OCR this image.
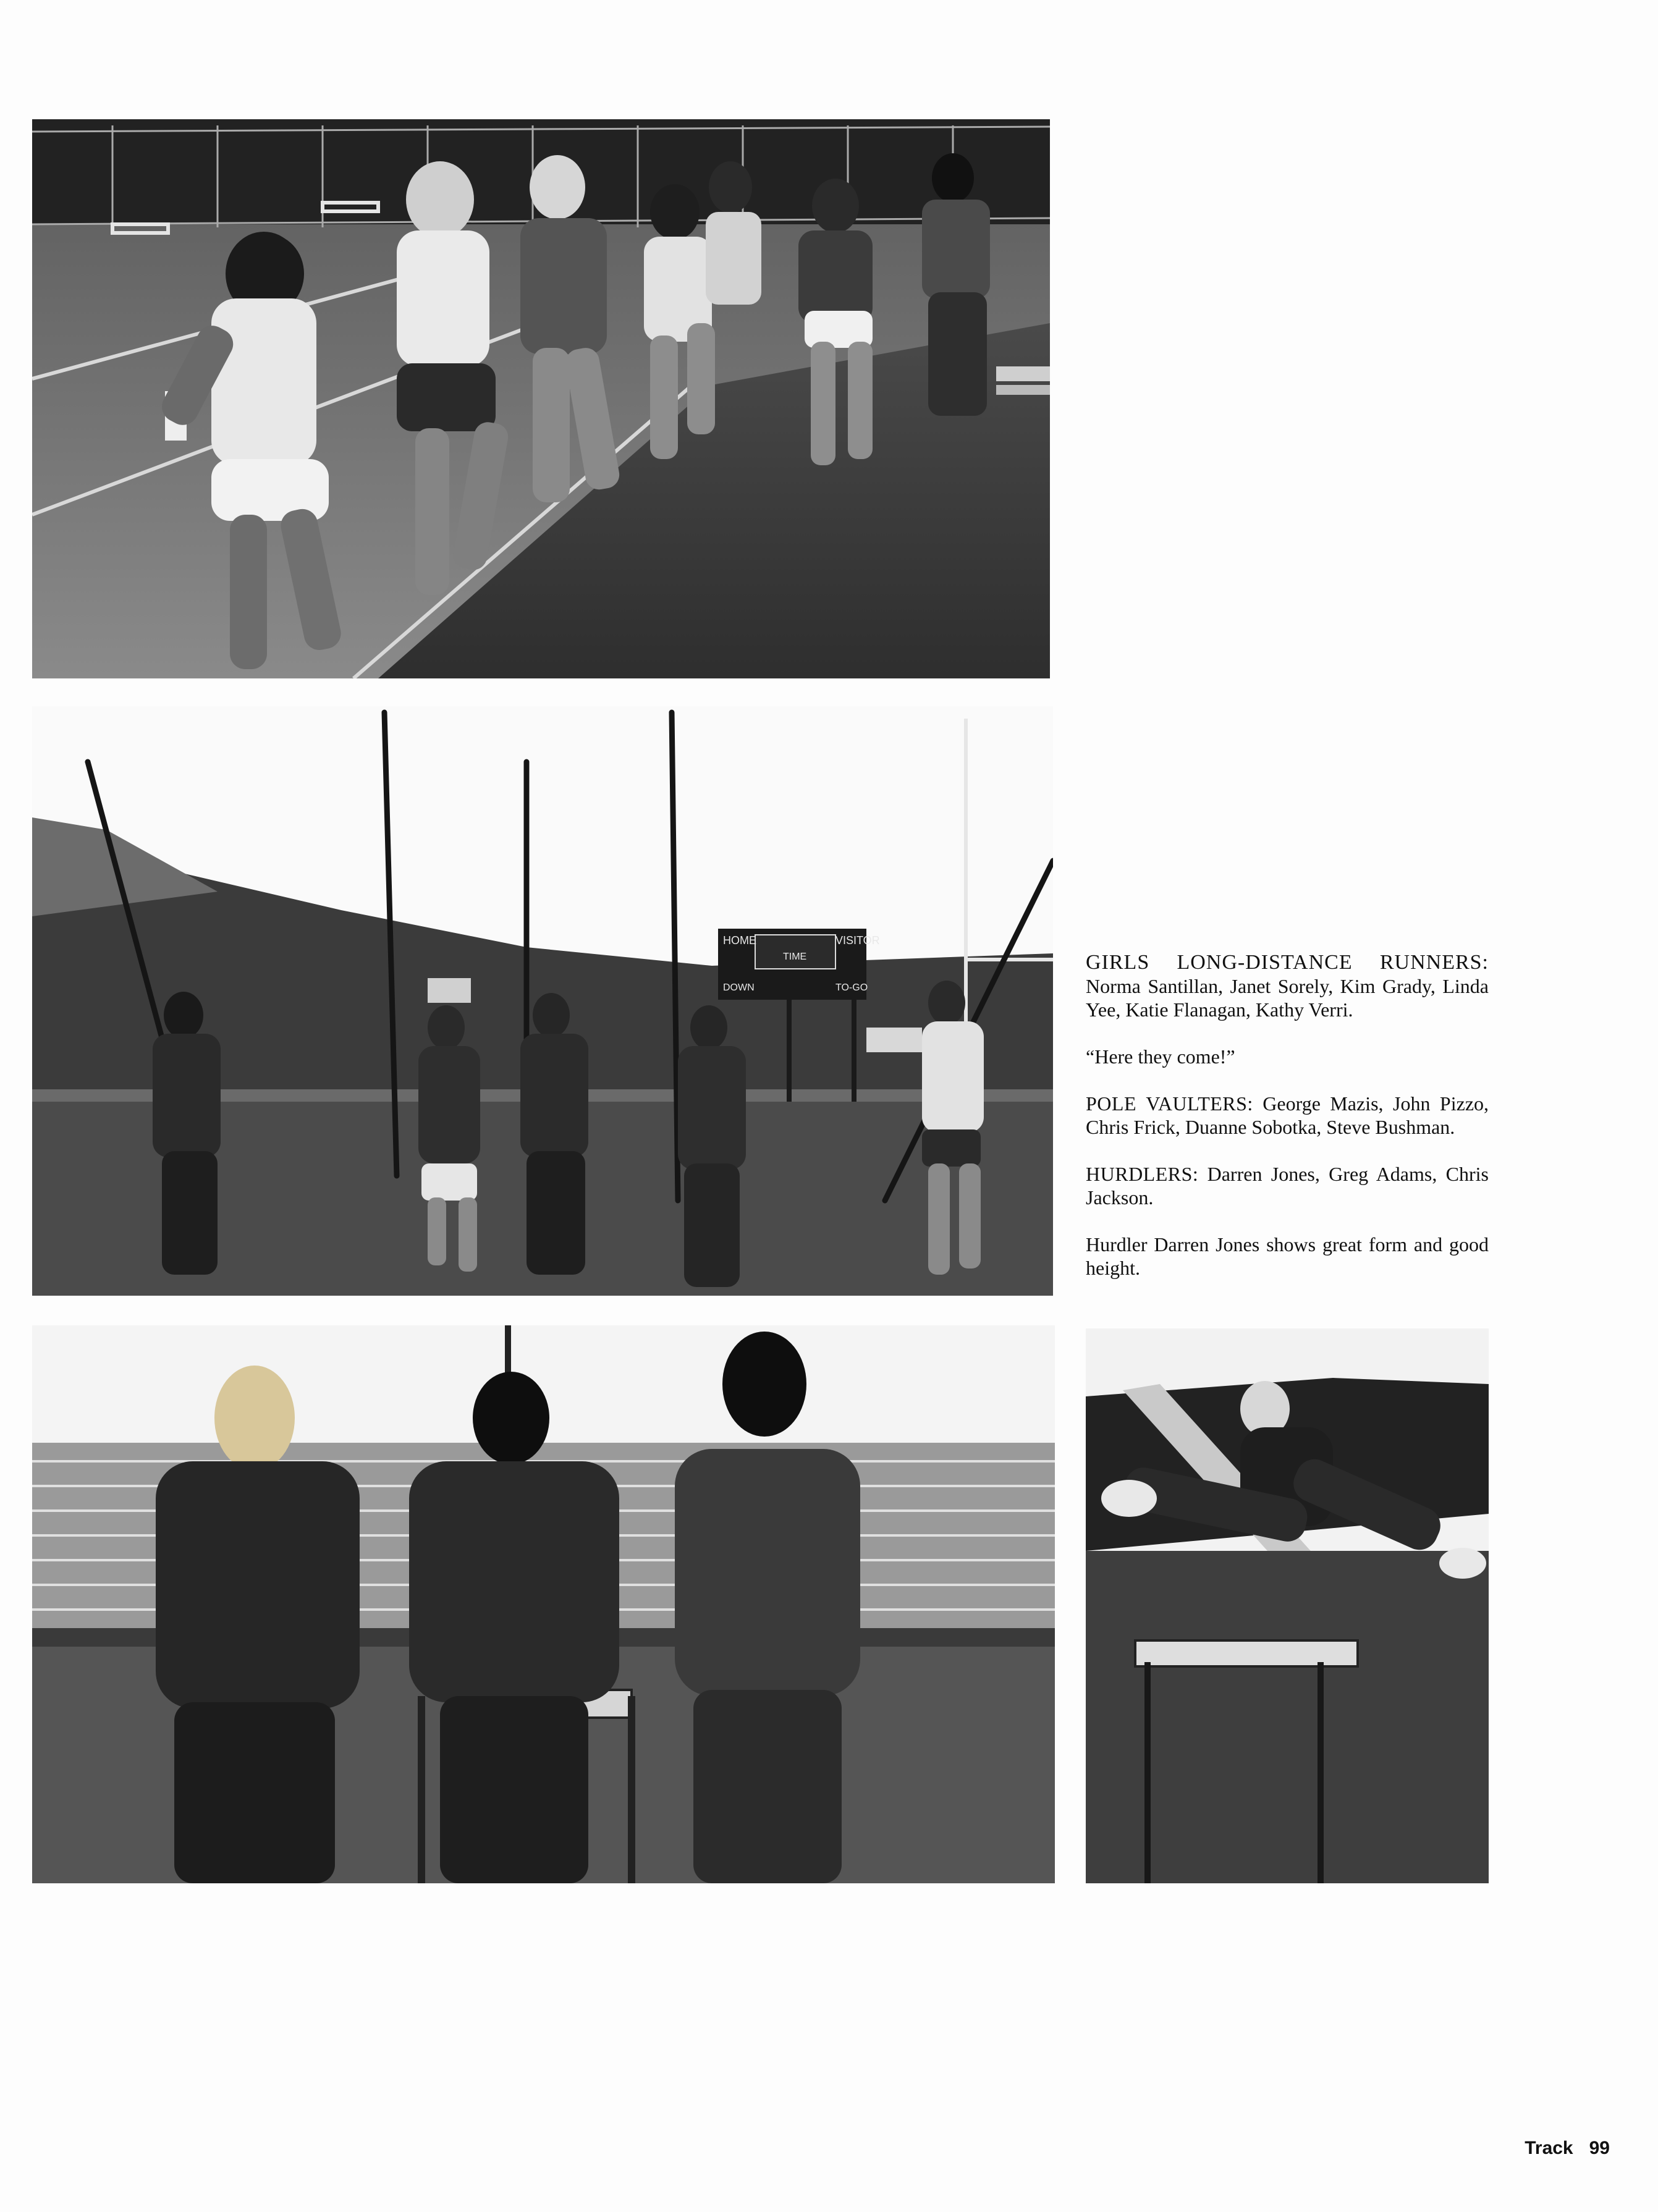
HOME	VISITOR
TIME
DOWN	TO-GO

GIRLS LONG-DISTANCE RUNNERS: Norma Santillan, Janet Sorely, Kim Grady, Linda Yee, Katie Flanagan, Kathy Verri.

“Here they come!”

POLE VAULTERS: George Mazis, John Pizzo, Chris Frick, Duanne Sobotka, Steve Bushman.

HURDLERS: Darren Jones, Greg Adams, Chris Jackson.

Hurdler Darren Jones shows great form and good height.

Track 99
